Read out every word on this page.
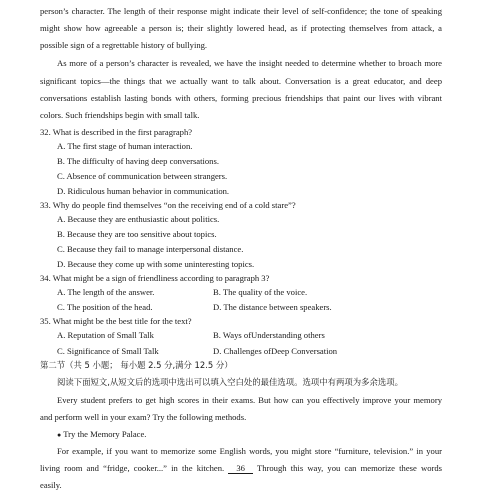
person’s character. The length of their response might indicate their level of self-confidence; the tone of speaking
might show how agreeable a person is; their slightly lowered head, as if protecting themselves from attack, a
possible sign of a regrettable history of bullying.
As more of a person’s character is revealed, we have the insight needed to determine whether to broach more
significant topics—the things that we actually want to talk about. Conversation is a great educator, and deep
conversations establish lasting bonds with others, forming precious friendships that paint our lives with vibrant
colors. Such friendships begin with small talk.
32. What is described in the first paragraph?
A. The first stage of human interaction.
B. The difficulty of having deep conversations.
C. Absence of communication between strangers.
D. Ridiculous human behavior in communication.
33. Why do people find themselves “on the receiving end of a cold stare”?
A. Because they are enthusiastic about politics.
B. Because they are too sensitive about topics.
C. Because they fail to manage interpersonal distance.
D. Because they come up with some uninteresting topics.
34. What might be a sign of friendliness according to paragraph 3?
A. The length of the answer.	B. The quality of the voice.
C. The position of the head.	D. The distance between speakers.
35. What might be the best title for the text?
A. Reputation of Small Talk	B. Ways ofUnderstanding others
C. Significance of Small Talk	D. Challenges ofDeep Conversation
第二节（共 5 小题； 每小题 2.5 分,满分 12.5 分）
阅读下面短文,从短文后的选项中选出可以填入空白处的最佳选项。选项中有两项为多余选项。
Every student prefers to get high scores in their exams. But how can you effectively improve your memory
and perform well in your exam? Try the following methods.
● Try the Memory Palace.
For example, if you want to memorize some English words, you might store “furniture, television.” in your
living room and “fridge, cooker...” in the kitchen. 36 Through this way, you can memorize these words
easily.
